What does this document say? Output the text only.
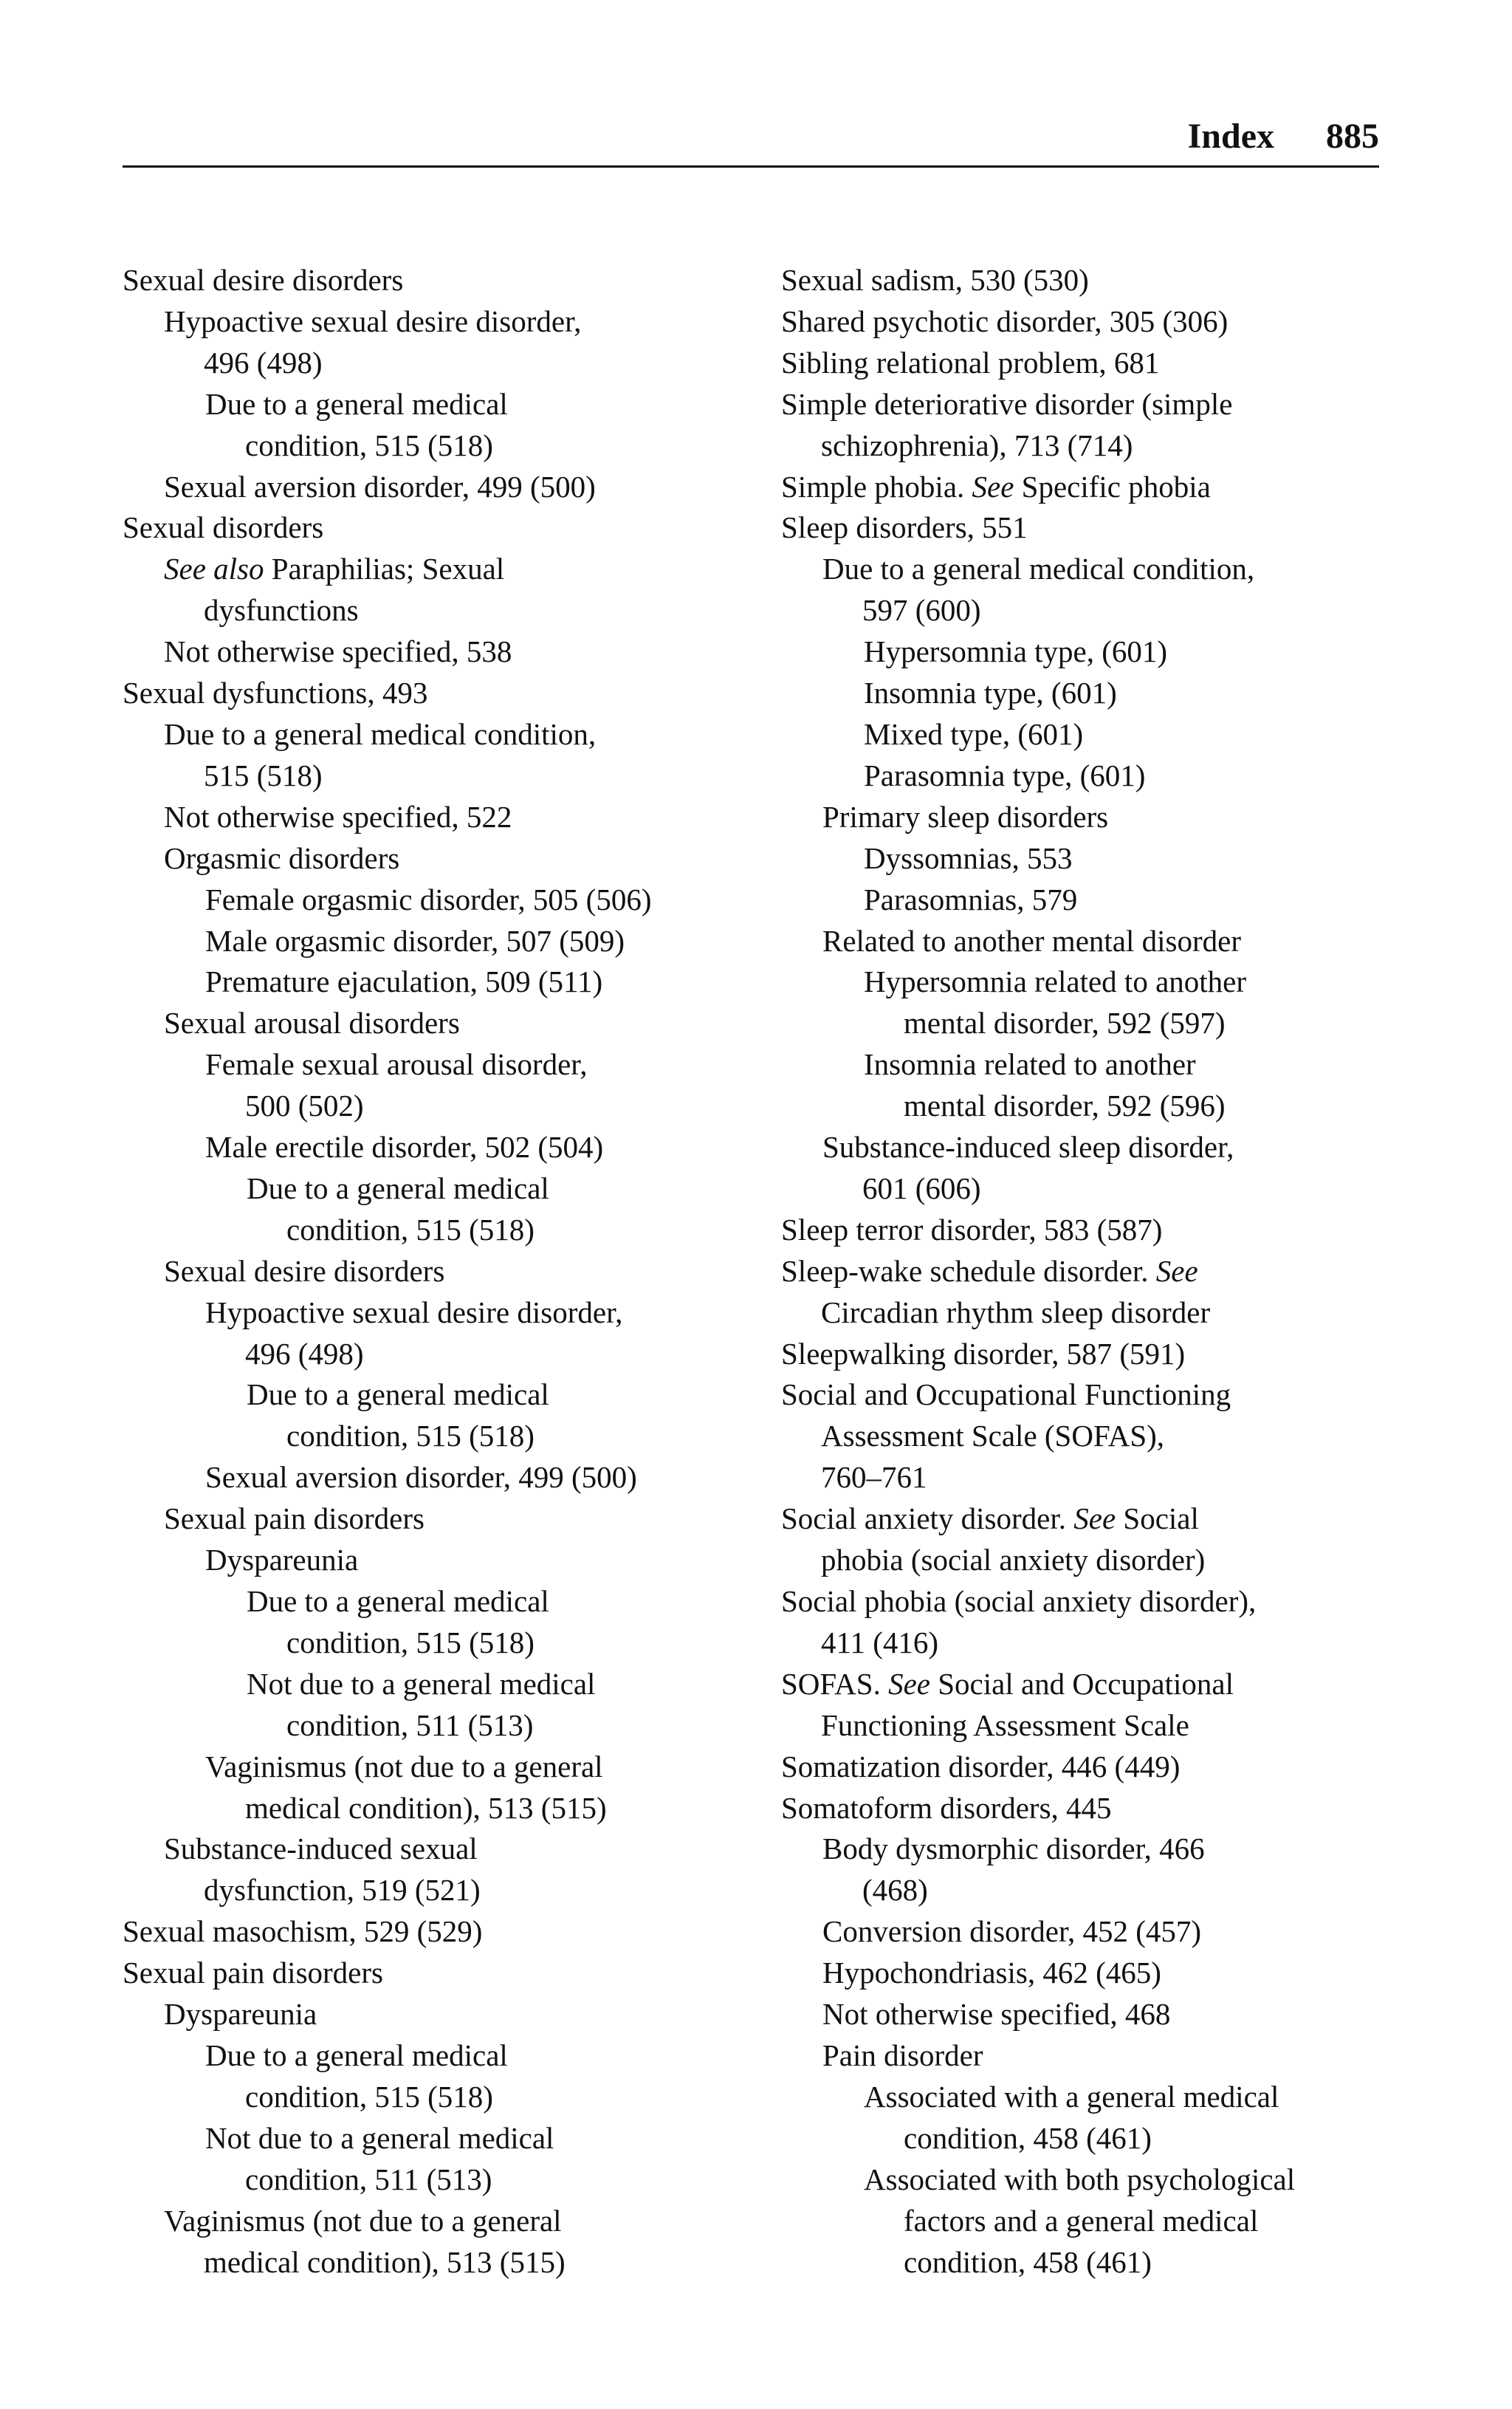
Index 885
Sexual desire disorders
Hypoactive sexual desire disorder,
496 (498)
Due to a general medical
condition, 515 (518)
Sexual aversion disorder, 499 (500)
Sexual disorders
See also Paraphilias; Sexual
dysfunctions
Not otherwise specified, 538
Sexual dysfunctions, 493
Due to a general medical condition,
515 (518)
Not otherwise specified, 522
Orgasmic disorders
Female orgasmic disorder, 505 (506)
Male orgasmic disorder, 507 (509)
Premature ejaculation, 509 (511)
Sexual arousal disorders
Female sexual arousal disorder,
500 (502)
Male erectile disorder, 502 (504)
Due to a general medical
condition, 515 (518)
Sexual desire disorders
Hypoactive sexual desire disorder,
496 (498)
Due to a general medical
condition, 515 (518)
Sexual aversion disorder, 499 (500)
Sexual pain disorders
Dyspareunia
Due to a general medical
condition, 515 (518)
Not due to a general medical
condition, 511 (513)
Vaginismus (not due to a general
medical condition), 513 (515)
Substance-induced sexual
dysfunction, 519 (521)
Sexual masochism, 529 (529)
Sexual pain disorders
Dyspareunia
Due to a general medical
condition, 515 (518)
Not due to a general medical
condition, 511 (513)
Vaginismus (not due to a general
medical condition), 513 (515)
Sexual sadism, 530 (530)
Shared psychotic disorder, 305 (306)
Sibling relational problem, 681
Simple deteriorative disorder (simple
schizophrenia), 713 (714)
Simple phobia. See Specific phobia
Sleep disorders, 551
Due to a general medical condition,
597 (600)
Hypersomnia type, (601)
Insomnia type, (601)
Mixed type, (601)
Parasomnia type, (601)
Primary sleep disorders
Dyssomnias, 553
Parasomnias, 579
Related to another mental disorder
Hypersomnia related to another
mental disorder, 592 (597)
Insomnia related to another
mental disorder, 592 (596)
Substance-induced sleep disorder,
601 (606)
Sleep terror disorder, 583 (587)
Sleep-wake schedule disorder. See
Circadian rhythm sleep disorder
Sleepwalking disorder, 587 (591)
Social and Occupational Functioning
Assessment Scale (SOFAS),
760–761
Social anxiety disorder. See Social
phobia (social anxiety disorder)
Social phobia (social anxiety disorder),
411 (416)
SOFAS. See Social and Occupational
Functioning Assessment Scale
Somatization disorder, 446 (449)
Somatoform disorders, 445
Body dysmorphic disorder, 466
(468)
Conversion disorder, 452 (457)
Hypochondriasis, 462 (465)
Not otherwise specified, 468
Pain disorder
Associated with a general medical
condition, 458 (461)
Associated with both psychological
factors and a general medical
condition, 458 (461)
